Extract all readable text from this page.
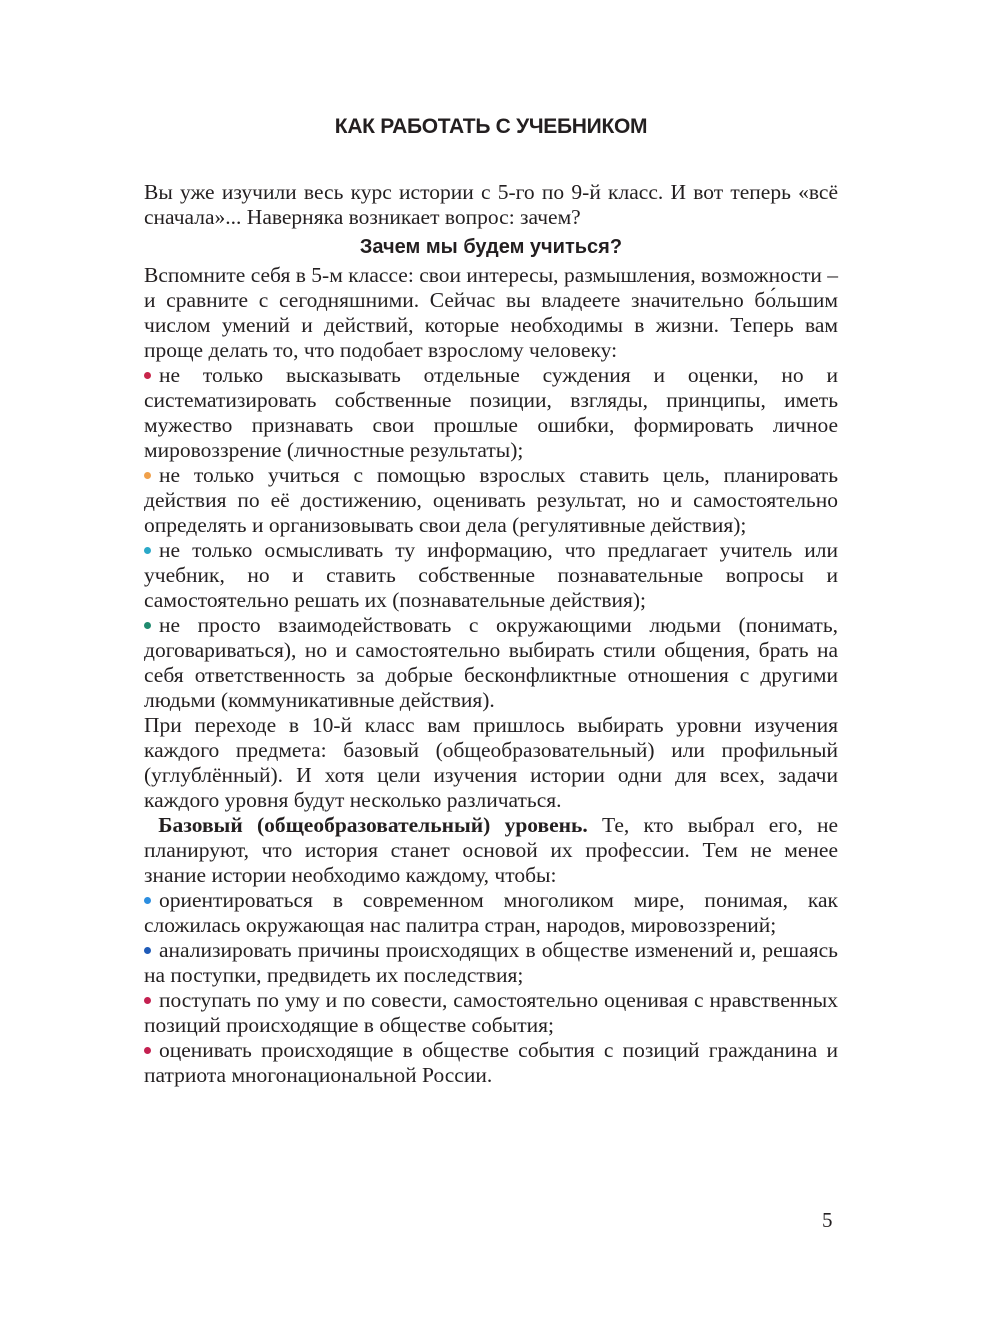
КАК РАБОТАТЬ С УЧЕБНИКОМ

Вы уже изучили весь курс истории с 5-го по 9-й класс. И вот теперь «всё сначала»... Наверняка возникает вопрос: зачем?

Зачем мы будем учиться?

Вспомните себя в 5-м классе: свои интересы, размышления, возможности – и сравните с сегодняшними. Сейчас вы владеете значительно бо́льшим числом умений и действий, которые необходимы в жизни. Теперь вам проще делать то, что подобает взрослому человеку:

не только высказывать отдельные суждения и оценки, но и систематизировать собственные позиции, взгляды, принципы, иметь мужество признавать свои прошлые ошибки, формировать личное мировоззрение (личностные результаты);

не только учиться с помощью взрослых ставить цель, планировать действия по её достижению, оценивать результат, но и самостоятельно определять и организовывать свои дела (регулятивные действия);

не только осмысливать ту информацию, что предлагает учитель или учебник, но и ставить собственные познавательные вопросы и самостоятельно решать их (познавательные действия);

не просто взаимодействовать с окружающими людьми (понимать, договариваться), но и самостоятельно выбирать стили общения, брать на себя ответственность за добрые бесконфликтные отношения с другими людьми (коммуникативные действия).

При переходе в 10-й класс вам пришлось выбирать уровни изучения каждого предмета: базовый (общеобразовательный) или профильный (углублённый). И хотя цели изучения истории одни для всех, задачи каждого уровня будут несколько различаться.

Базовый (общеобразовательный) уровень. Те, кто выбрал его, не планируют, что история станет основой их профессии. Тем не менее знание истории необходимо каждому, чтобы:

ориентироваться в современном многоликом мире, понимая, как сложилась окружающая нас палитра стран, народов, мировоззрений;

анализировать причины происходящих в обществе изменений и, решаясь на поступки, предвидеть их последствия;

поступать по уму и по совести, самостоятельно оценивая с нравственных позиций происходящие в обществе события;

оценивать происходящие в обществе события с позиций гражданина и патриота многонациональной России.

5
